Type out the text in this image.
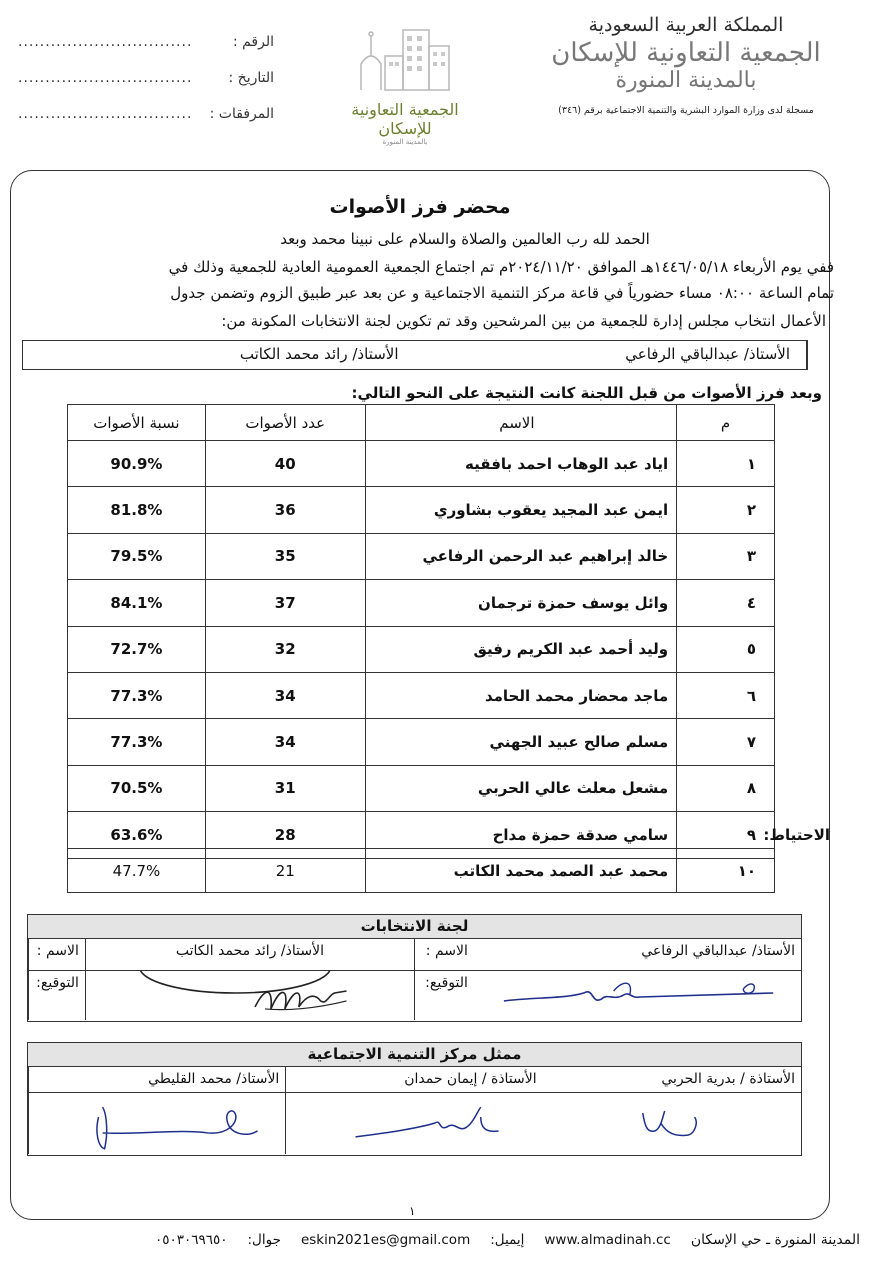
المملكة العربية السعودية
الجمعية التعاونية للإسكان
بالمدينة المنورة
مسجلة لدى وزارة الموارد البشرية والتنمية الاجتماعية برقم (٣٤٦)
الجمعية التعاونية
للإسكان
بالمدينة المنورة
الرقم :
................................
التاريخ :
................................
المرفقات :
................................
محضر فرز الأصوات
الحمد لله رب العالمين والصلاة والسلام على نبينا محمد وبعد
ففي يوم الأربعاء ١٤٤٦/٠٥/١٨هـ الموافق ٢٠٢٤/١١/٢٠م تم اجتماع الجمعية العمومية العادية للجمعية وذلك في
تمام الساعة ٠٨:٠٠ مساء حضورياً في قاعة مركز التنمية الاجتماعية و عن بعد عبر طبيق الزوم وتضمن جدول
الأعمال انتخاب مجلس إدارة للجمعية من بين المرشحين وقد تم تكوين لجنة الانتخابات المكونة من:
الأستاذ/ رائد محمد الكاتب	الأستاذ/ عبدالباقي الرفاعي
وبعد فرز الأصوات من قبل اللجنة كانت النتيجة على النحو التالي:
م	الاسم	عدد الأصوات	نسبة الأصوات
١	اياد عبد الوهاب احمد بافقيه	40	90.9%
٢	ايمن عبد المجيد يعقوب بشاوري	36	81.8%
٣	خالد إبراهيم عبد الرحمن الرفاعي	35	79.5%
٤	وائل يوسف حمزة ترجمان	37	84.1%
٥	وليد أحمد عبد الكريم رفيق	32	72.7%
٦	ماجد محضار محمد الحامد	34	77.3%
٧	مسلم صالح عبيد الجهني	34	77.3%
٨	مشعل معلث عالي الحربي	31	70.5%
٩	سامي صدقة حمزة مداح	28	63.6%	الاحتياط:
١٠	محمد عبد الصمد محمد الكاتب	21	47.7%
لجنة الانتخابات
الاسم :	الأستاذ/ رائد محمد الكاتب	الاسم :	الأستاذ/ عبدالباقي الرفاعي
التوقيع:	التوقيع:
ممثل مركز التنمية الاجتماعية
الأستاذ/ محمد القليطي	الأستاذة / إيمان حمدان	الأستاذة / بدرية الحربي
١
المدينة المنورة ـ حي الإسكان
www.almadinah.cc
إيميل:
eskin2021es@gmail.com
جوال:
٠٥٠٣٠٦٩٦٥٠
